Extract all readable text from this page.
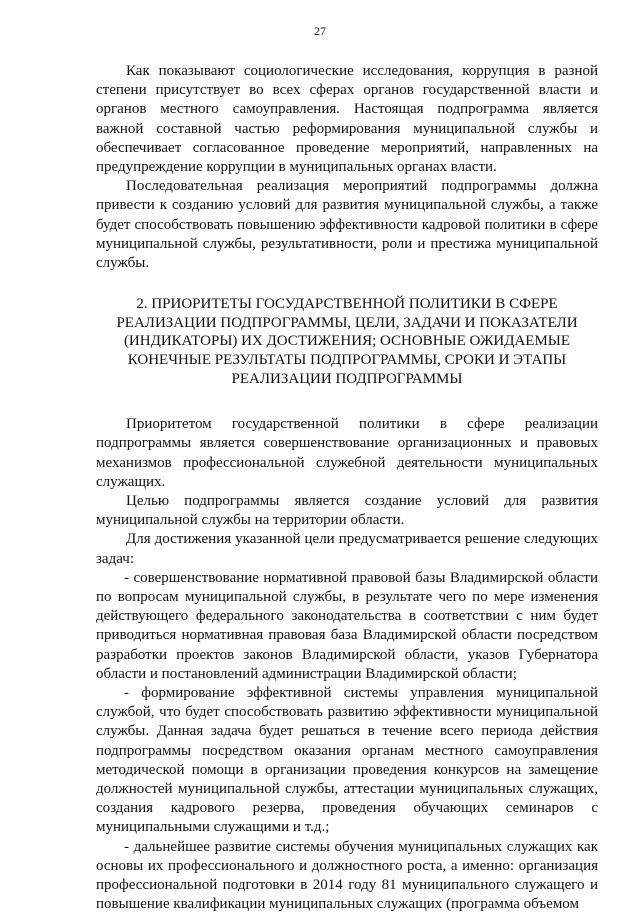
27

Как показывают социологические исследования, коррупция в разной степени присутствует во всех сферах органов государственной власти и органов местного самоуправления. Настоящая подпрограмма является важной составной частью реформирования муниципальной службы и обеспечивает согласованное проведение мероприятий, направленных на предупреждение коррупции в муниципальных органах власти.

Последовательная реализация мероприятий подпрограммы должна привести к созданию условий для развития муниципальной службы, а также будет способствовать повышению эффективности кадровой политики в сфере муниципальной службы, результативности, роли и престижа муниципальной службы.

2. ПРИОРИТЕТЫ ГОСУДАРСТВЕННОЙ ПОЛИТИКИ В СФЕРЕ РЕАЛИЗАЦИИ ПОДПРОГРАММЫ, ЦЕЛИ, ЗАДАЧИ И ПОКАЗАТЕЛИ (ИНДИКАТОРЫ) ИХ ДОСТИЖЕНИЯ; ОСНОВНЫЕ ОЖИДАЕМЫЕ КОНЕЧНЫЕ РЕЗУЛЬТАТЫ ПОДПРОГРАММЫ, СРОКИ И ЭТАПЫ РЕАЛИЗАЦИИ ПОДПРОГРАММЫ

Приоритетом государственной политики в сфере реализации подпрограммы является совершенствование организационных и правовых механизмов профессиональной служебной деятельности муниципальных служащих.

Целью подпрограммы является создание условий для развития муниципальной службы на территории области.

Для достижения указанной цели предусматривается решение следующих задач:

- совершенствование нормативной правовой базы Владимирской области по вопросам муниципальной службы, в результате чего по мере изменения действующего федерального законодательства в соответствии с ним будет приводиться нормативная правовая база Владимирской области посредством разработки проектов законов Владимирской области, указов Губернатора области и постановлений администрации Владимирской области;

- формирование эффективной системы управления муниципальной службой, что будет способствовать развитию эффективности муниципальной службы. Данная задача будет решаться в течение всего периода действия подпрограммы посредством оказания органам местного самоуправления методической помощи в организации проведения конкурсов на замещение должностей муниципальной службы, аттестации муниципальных служащих, создания кадрового резерва, проведения обучающих семинаров с муниципальными служащими и т.д.;

- дальнейшее развитие системы обучения муниципальных служащих как основы их профессионального и должностного роста, а именно: организация профессиональной подготовки в 2014 году 81 муниципального служащего и повышение квалификации муниципальных служащих (программа объемом
